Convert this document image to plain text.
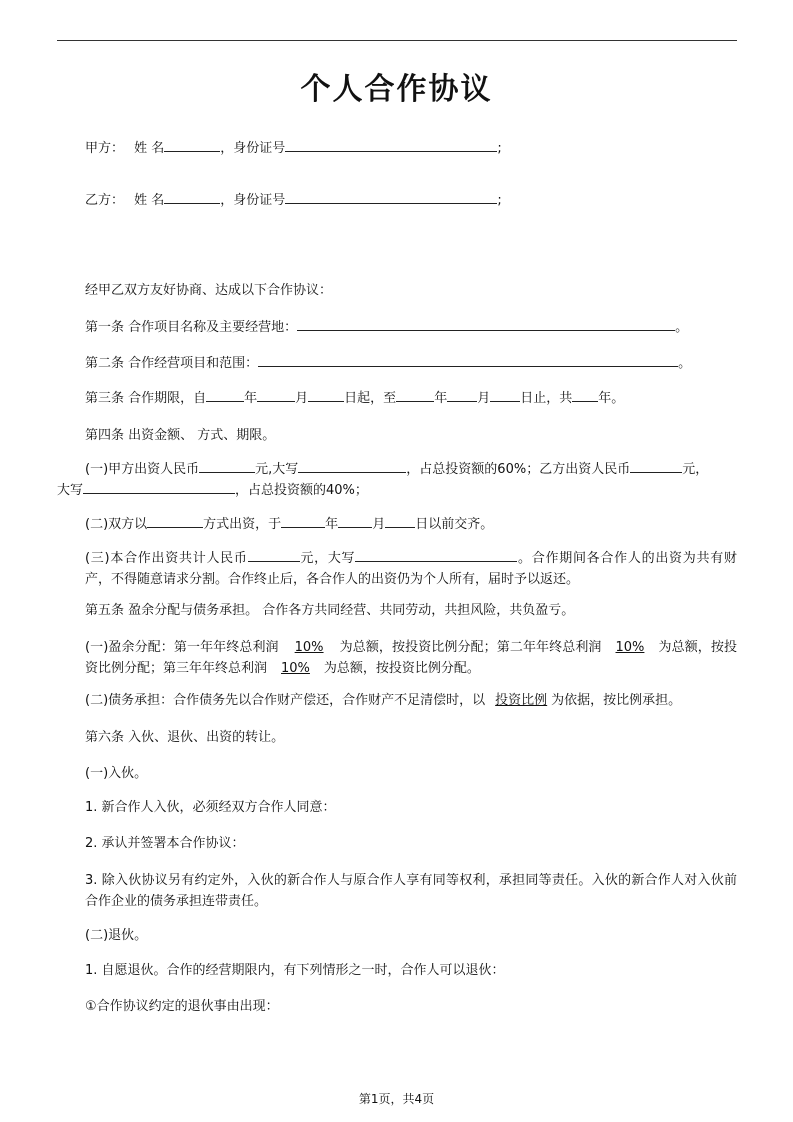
个人合作协议
甲方： 姓 名	，身份证号	;
乙方： 姓 名	，身份证号	;
经甲乙双方友好协商、达成以下合作协议：
第一条 合作项目名称及主要经营地：	。
第二条 合作经营项目和范围：	。
第三条 合作期限，自	年	月	日起，至	年 月 日止，共 年。
第四条 出资金额、 方式、期限。
(一)甲方出资人民币	元,大写	，占总投资额的60%；乙方出资人民币	元，
大写	，占总投资额的40%；
(二)双方以	方式出资，于	年	月 日以前交齐。
(三)本合作出资共计人民币	元，大写	。合作期间各合作人的出资为共有财产，不得随意请求分割。合作终止后，各合作人的出资仍为个人所有，届时予以返还。
第五条 盈余分配与债务承担。 合作各方共同经营、共同劳动，共担风险，共负盈亏。
(一)盈余分配：第一年年终总利润 10% 为总额，按投资比例分配；第二年年终总利润 10% 为总额，按投资比例分配；第三年年终总利润 10% 为总额，按投资比例分配。
(二)债务承担：合作债务先以合作财产偿还，合作财产不足清偿时，以 投资比例 为依据，按比例承担。
第六条 入伙、退伙、出资的转让。
(一)入伙。
1. 新合作人入伙，必须经双方合作人同意：
2. 承认并签署本合作协议：
3. 除入伙协议另有约定外，入伙的新合作人与原合作人享有同等权利，承担同等责任。入伙的新合作人对入伙前合作企业的债务承担连带责任。
(二)退伙。
1. 自愿退伙。合作的经营期限内，有下列情形之一时，合作人可以退伙：
①合作协议约定的退伙事由出现：
第1页，共4页
